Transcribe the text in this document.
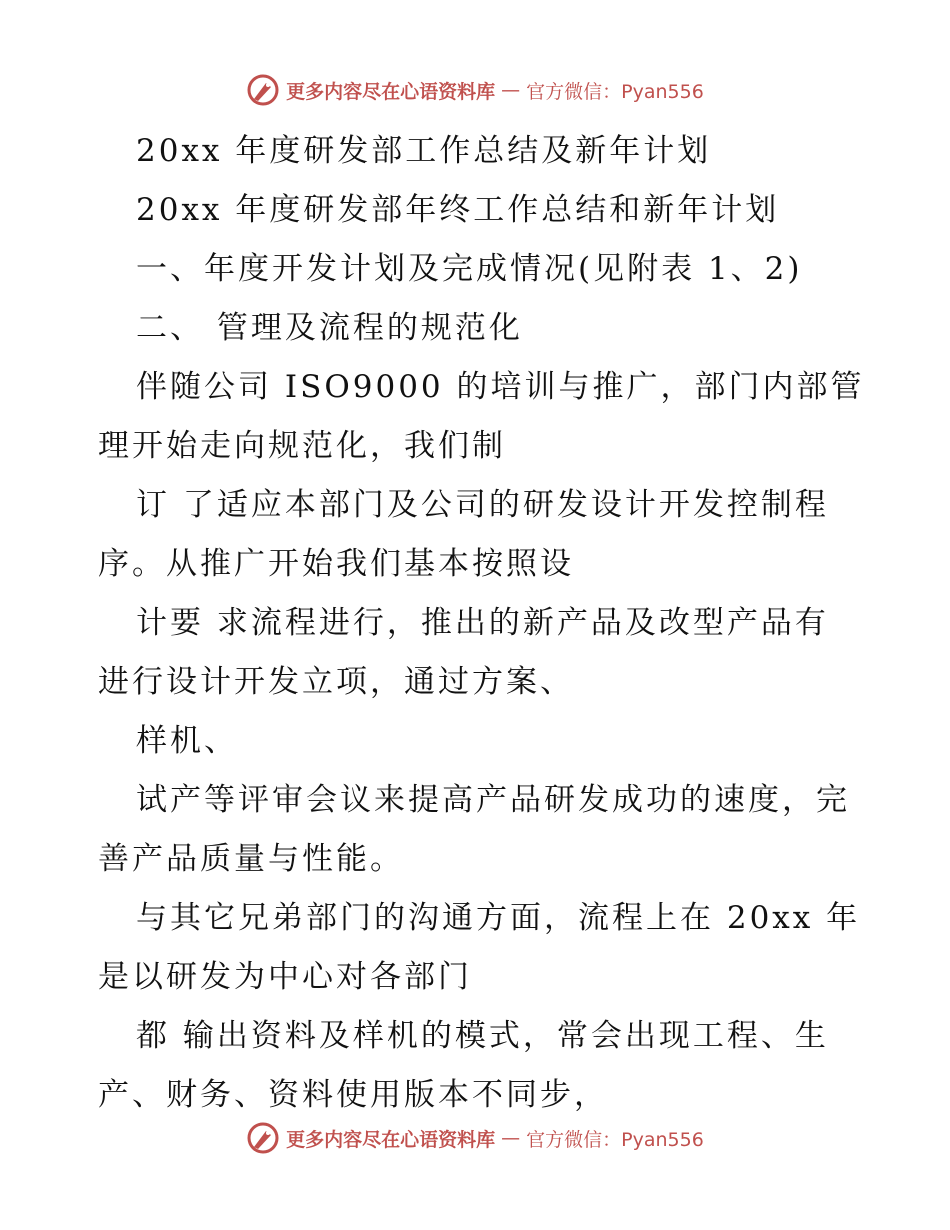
更多内容尽在心语资料库 — 官方微信：Pyan556
20xx 年度研发部工作总结及新年计划
20xx 年度研发部年终工作总结和新年计划
一、年度开发计划及完成情况(见附表 1、2)
二、 管理及流程的规范化
伴随公司 ISO9000 的培训与推广，部门内部管
理开始走向规范化，我们制
订 了适应本部门及公司的研发设计开发控制程
序。从推广开始我们基本按照设
计要 求流程进行，推出的新产品及改型产品有
进行设计开发立项，通过方案、
样机、
试产等评审会议来提高产品研发成功的速度，完
善产品质量与性能。
与其它兄弟部门的沟通方面，流程上在 20xx 年
是以研发为中心对各部门
都 输出资料及样机的模式，常会出现工程、生
产、财务、资料使用版本不同步，
更多内容尽在心语资料库 — 官方微信：Pyan556
